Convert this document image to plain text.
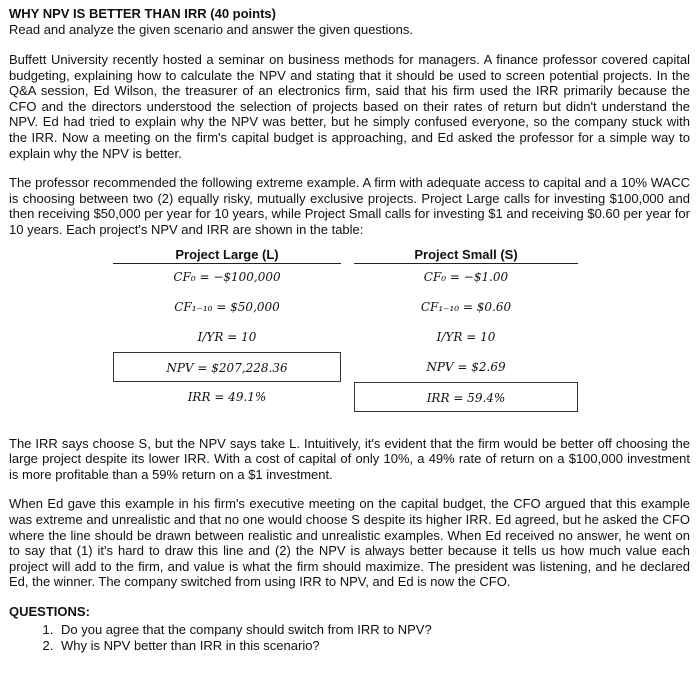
WHY NPV IS BETTER THAN IRR (40 points)

Read and analyze the given scenario and answer the given questions.

Buffett University recently hosted a seminar on business methods for managers. A finance professor covered capital budgeting, explaining how to calculate the NPV and stating that it should be used to screen potential projects. In the Q&A session, Ed Wilson, the treasurer of an electronics firm, said that his firm used the IRR primarily because the CFO and the directors understood the selection of projects based on their rates of return but didn't understand the NPV. Ed had tried to explain why the NPV was better, but he simply confused everyone, so the company stuck with the IRR. Now a meeting on the firm's capital budget is approaching, and Ed asked the professor for a simple way to explain why the NPV is better.

The professor recommended the following extreme example. A firm with adequate access to capital and a 10% WACC is choosing between two (2) equally risky, mutually exclusive projects. Project Large calls for investing $100,000 and then receiving $50,000 per year for 10 years, while Project Small calls for investing $1 and receiving $0.60 per year for 10 years. Each project's NPV and IRR are shown in the table:

Project Large (L)
CF₀ = −$100,000
CF₁₋₁₀ = $50,000
I/YR = 10
NPV = $207,228.36
IRR = 49.1%
Project Small (S)
CF₀ = −$1.00
CF₁₋₁₀ = $0.60
I/YR = 10
NPV = $2.69
IRR = 59.4%

The IRR says choose S, but the NPV says take L. Intuitively, it's evident that the firm would be better off choosing the large project despite its lower IRR. With a cost of capital of only 10%, a 49% rate of return on a $100,000 investment is more profitable than a 59% return on a $1 investment.

When Ed gave this example in his firm's executive meeting on the capital budget, the CFO argued that this example was extreme and unrealistic and that no one would choose S despite its higher IRR. Ed agreed, but he asked the CFO where the line should be drawn between realistic and unrealistic examples. When Ed received no answer, he went on to say that (1) it's hard to draw this line and (2) the NPV is always better because it tells us how much value each project will add to the firm, and value is what the firm should maximize. The president was listening, and he declared Ed, the winner. The company switched from using IRR to NPV, and Ed is now the CFO.

QUESTIONS:

1. Do you agree that the company should switch from IRR to NPV?
2. Why is NPV better than IRR in this scenario?
